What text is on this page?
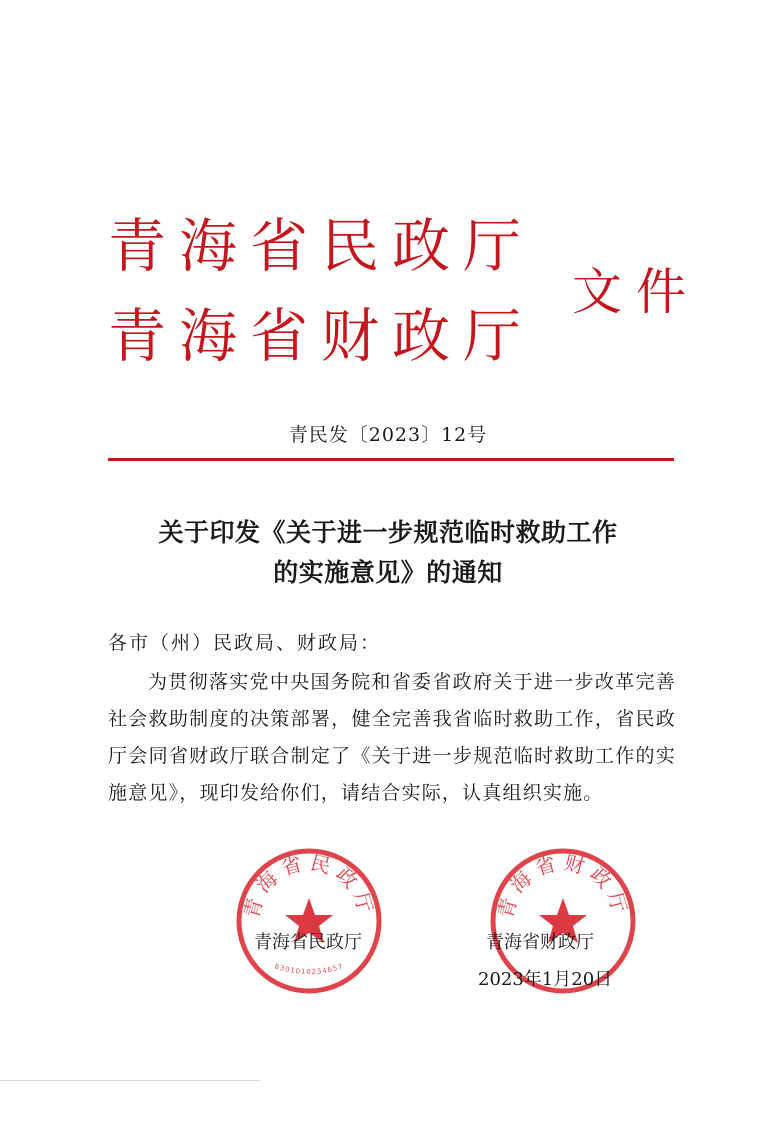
青海省民政厅
青海省财政厅
文件
青民发〔2023〕12号
关于印发《关于进一步规范临时救助工作
的实施意见》的通知
各市（州）民政局、财政局：
为贯彻落实党中央国务院和省委省政府关于进一步改革完善社会救助制度的决策部署，健全完善我省临时救助工作，省民政厅会同省财政厅联合制定了《关于进一步规范临时救助工作的实施意见》，现印发给你们，请结合实际，认真组织实施。
青海省民政厅
6301010234657
青海省财政厅
青海省民政厅	青海省财政厅
2023年1月20日
